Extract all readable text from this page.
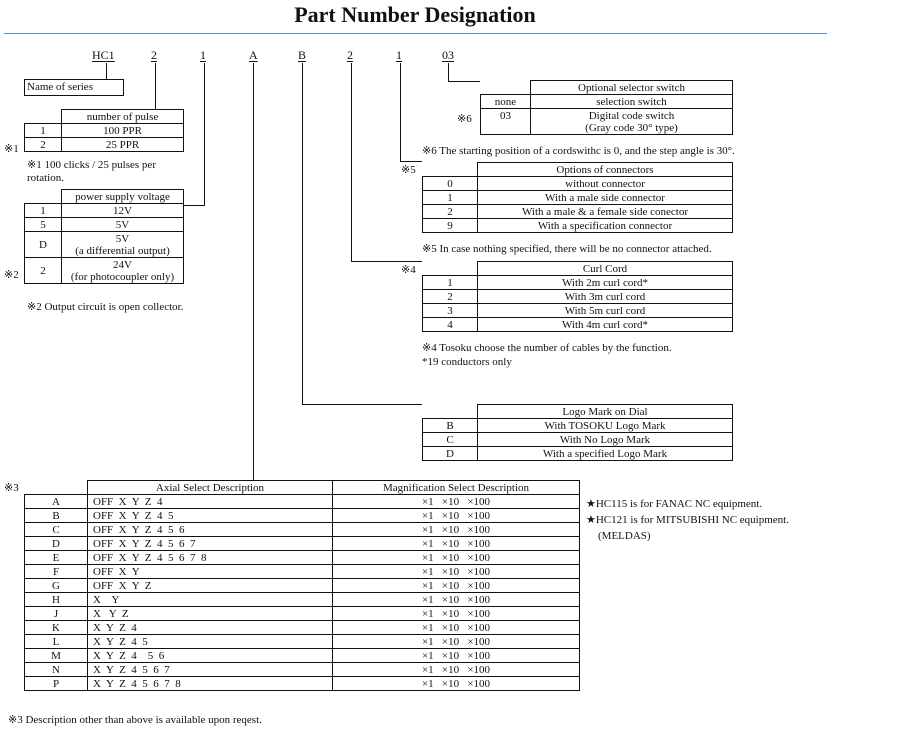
Part Number Designation
HC1	2	1	A	B	2	1	03
Name of series
※1
	number of pulse
1	100 PPR
2	25 PPR
※1 100 clicks / 25 pulses per
rotation.
※2
	power supply voltage
1	12V
5	5V
D	5V
(a differential output)

2	24V
(for photocoupler only)
※2 Output circuit is open collector.
※6
	Optional selector switch
none	selection switch
03	Digital code switch
(Gray code 30° type)
※6 The starting position of a cordswithc is 0, and the step angle is 30°.
※5
		Options of connectors
0	without connector
1	With a male side connector
2	With a male & a female side conector
9	With a specification connector
※5 In case nothing specified, there will be no connector attached.
※4
		Curl Cord
1	With 2m curl cord*
2	With 3m curl cord
3	With 5m curl cord
4	With 4m curl cord*
※4 Tosoku choose the number of cables by the function.
*19 conductors only
	Logo Mark on Dial
B	With TOSOKU Logo Mark
C	With No Logo Mark
D	With a specified Logo Mark
※3
		Axial Select Description	Magnification Select Description
A	OFF  X  Y  Z  4	×1   ×10   ×100
B	OFF  X  Y  Z  4  5	×1   ×10   ×100
C	OFF  X  Y  Z  4  5  6	×1   ×10   ×100
D	OFF  X  Y  Z  4  5  6  7	×1   ×10   ×100
E	OFF  X  Y  Z  4  5  6  7  8	×1   ×10   ×100
F	OFF  X  Y	×1   ×10   ×100
G	OFF  X  Y  Z	×1   ×10   ×100
H	X    Y	×1   ×10   ×100
J	X   Y  Z	×1   ×10   ×100
K	X  Y  Z  4	×1   ×10   ×100
L	X  Y  Z  4  5	×1   ×10   ×100
M	X  Y  Z  4    5  6	×1   ×10   ×100
N	X  Y  Z  4  5  6  7	×1   ×10   ×100
P	X  Y  Z  4  5  6  7  8	×1   ×10   ×100
※3 Description other than above is available upon reqest.
★HC115 is for FANAC NC equipment.
★HC121 is for MITSUBISHI NC equipment.
(MELDAS)
